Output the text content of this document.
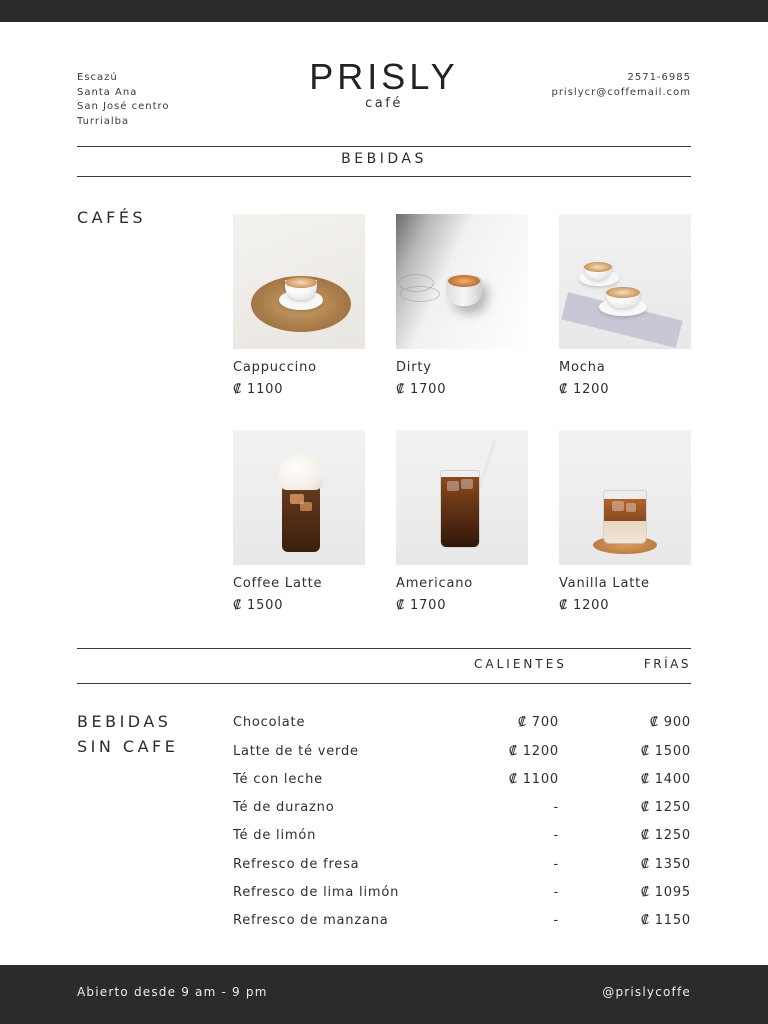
Escazú
Santa Ana
San José centro
Turrialba
PRISLY
café
2571-6985
prislycr@coffemail.com
BEBIDAS
CAFÉS
Cappuccino
₡ 1100
Dirty
₡ 1700
Mocha
₡ 1200
Coffee Latte
₡ 1500
Americano
₡ 1700
Vanilla Latte
₡ 1200
CALIENTES	FRÍAS
BEBIDAS
SIN CAFE
Chocolate	₡ 700	₡ 900
Latte de té verde	₡ 1200	₡ 1500
Té con leche	₡ 1100	₡ 1400
Té de durazno	-	₡ 1250
Té de limón	-	₡ 1250
Refresco de fresa	-	₡ 1350
Refresco de lima limón	-	₡ 1095
Refresco de manzana	-	₡ 1150
Abierto desde 9 am - 9 pm	@prislycoffe
